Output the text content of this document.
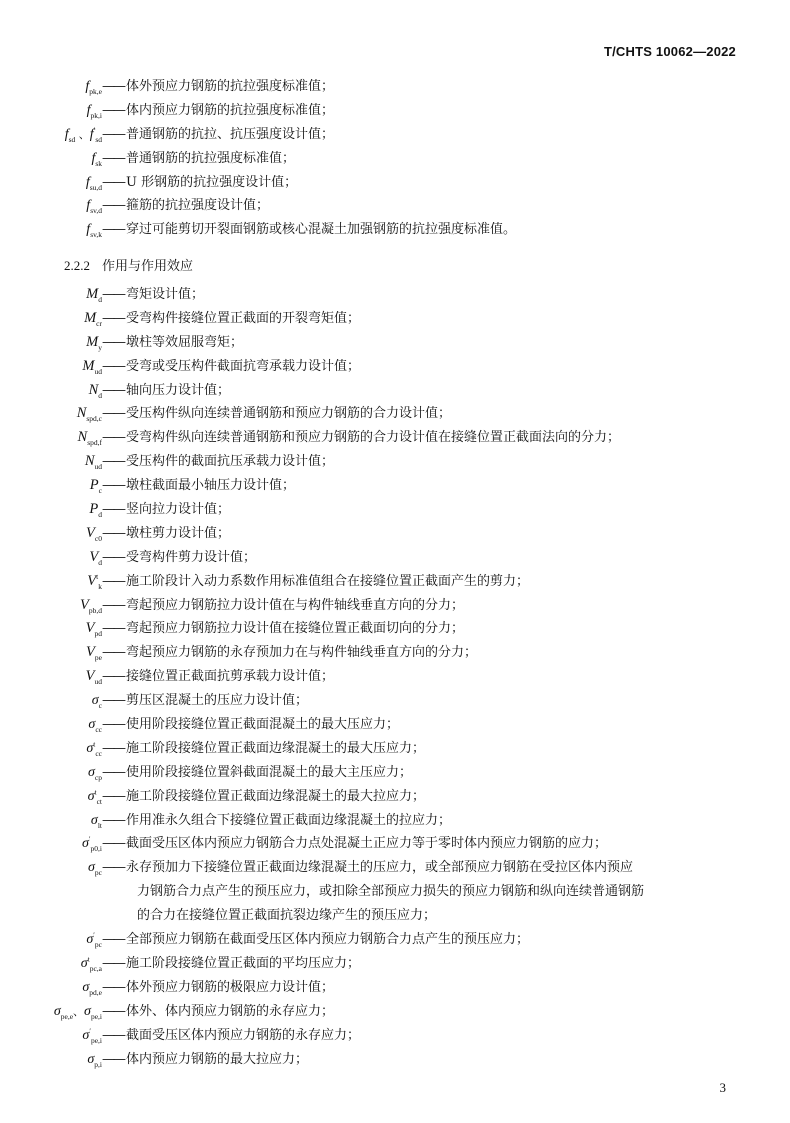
T/CHTS 10062—2022
$f_{pk,e}$	—— 体外预应力钢筋的抗拉强度标准值；
$f_{pk,i}$	—— 体内预应力钢筋的抗拉强度标准值；
$f_{sd}$ 、$f'_{sd}$	—— 普通钢筋的抗拉、抗压强度设计值；
$f_{sk}$	—— 普通钢筋的抗拉强度标准值；
$f_{su,d}$	—— U 形钢筋的抗拉强度设计值；
$f_{sv,d}$	—— 箍筋的抗拉强度设计值；
$f_{sv,k}$	—— 穿过可能剪切开裂面钢筋或核心混凝土加强钢筋的抗拉强度标准值。
2.2.2 作用与作用效应
$M_d$	—— 弯矩设计值；
$M_{cr}$	—— 受弯构件接缝位置正截面的开裂弯矩值；
$M_y$	—— 墩柱等效屈服弯矩；
$M_{ud}$	—— 受弯或受压构件截面抗弯承载力设计值；
$N_d$	—— 轴向压力设计值；
$N_{spd,c}$	—— 受压构件纵向连续普通钢筋和预应力钢筋的合力设计值；
$N_{spd,f}$	—— 受弯构件纵向连续普通钢筋和预应力钢筋的合力设计值在接缝位置正截面法向的分力；
$N_{ud}$	—— 受压构件的截面抗压承载力设计值；
$P_c$	—— 墩柱截面最小轴压力设计值；
$P_d$	—— 竖向拉力设计值；
$V_{c0}$	—— 墩柱剪力设计值；
$V_d$	—— 受弯构件剪力设计值；
$V^t_k$	—— 施工阶段计入动力系数作用标准值组合在接缝位置正截面产生的剪力；
$V_{pb,d}$	—— 弯起预应力钢筋拉力设计值在与构件轴线垂直方向的分力；
$V_{pd}$	—— 弯起预应力钢筋拉力设计值在接缝位置正截面切向的分力；
$V_{pe}$	—— 弯起预应力钢筋的永存预加力在与构件轴线垂直方向的分力；
$V_{ud}$	—— 接缝位置正截面抗剪承载力设计值；
$\sigma_c$	—— 剪压区混凝土的压应力设计值；
$\sigma_{cc}$	—— 使用阶段接缝位置正截面混凝土的最大压应力；
$\sigma^t_{cc}$	—— 施工阶段接缝位置正截面边缘混凝土的最大压应力；
$\sigma_{cp}$	—— 使用阶段接缝位置斜截面混凝土的最大主压应力；
$\sigma^t_{ct}$	—— 施工阶段接缝位置正截面边缘混凝土的最大拉应力；
$\sigma_{lt}$	—— 作用准永久组合下接缝位置正截面边缘混凝土的拉应力；
$\sigma'_{p0,i}$	—— 截面受压区体内预应力钢筋合力点处混凝土正应力等于零时体内预应力钢筋的应力；
$\sigma_{pc}$	—— 永存预加力下接缝位置正截面边缘混凝土的压应力，或全部预应力钢筋在受拉区体内预应
力钢筋合力点产生的预压应力，或扣除全部预应力损失的预应力钢筋和纵向连续普通钢筋
的合力在接缝位置正截面抗裂边缘产生的预压应力；
$\sigma'_{pc}$	—— 全部预应力钢筋在截面受压区体内预应力钢筋合力点产生的预压应力；
$\sigma^t_{pc,a}$	—— 施工阶段接缝位置正截面的平均压应力；
$\sigma_{pd,e}$	—— 体外预应力钢筋的极限应力设计值；
$\sigma_{pe,e}$、$\sigma_{pe,i}$	—— 体外、体内预应力钢筋的永存应力；
$\sigma'_{pe,i}$	—— 截面受压区体内预应力钢筋的永存应力；
$\sigma_{p,i}$	—— 体内预应力钢筋的最大拉应力；
3
